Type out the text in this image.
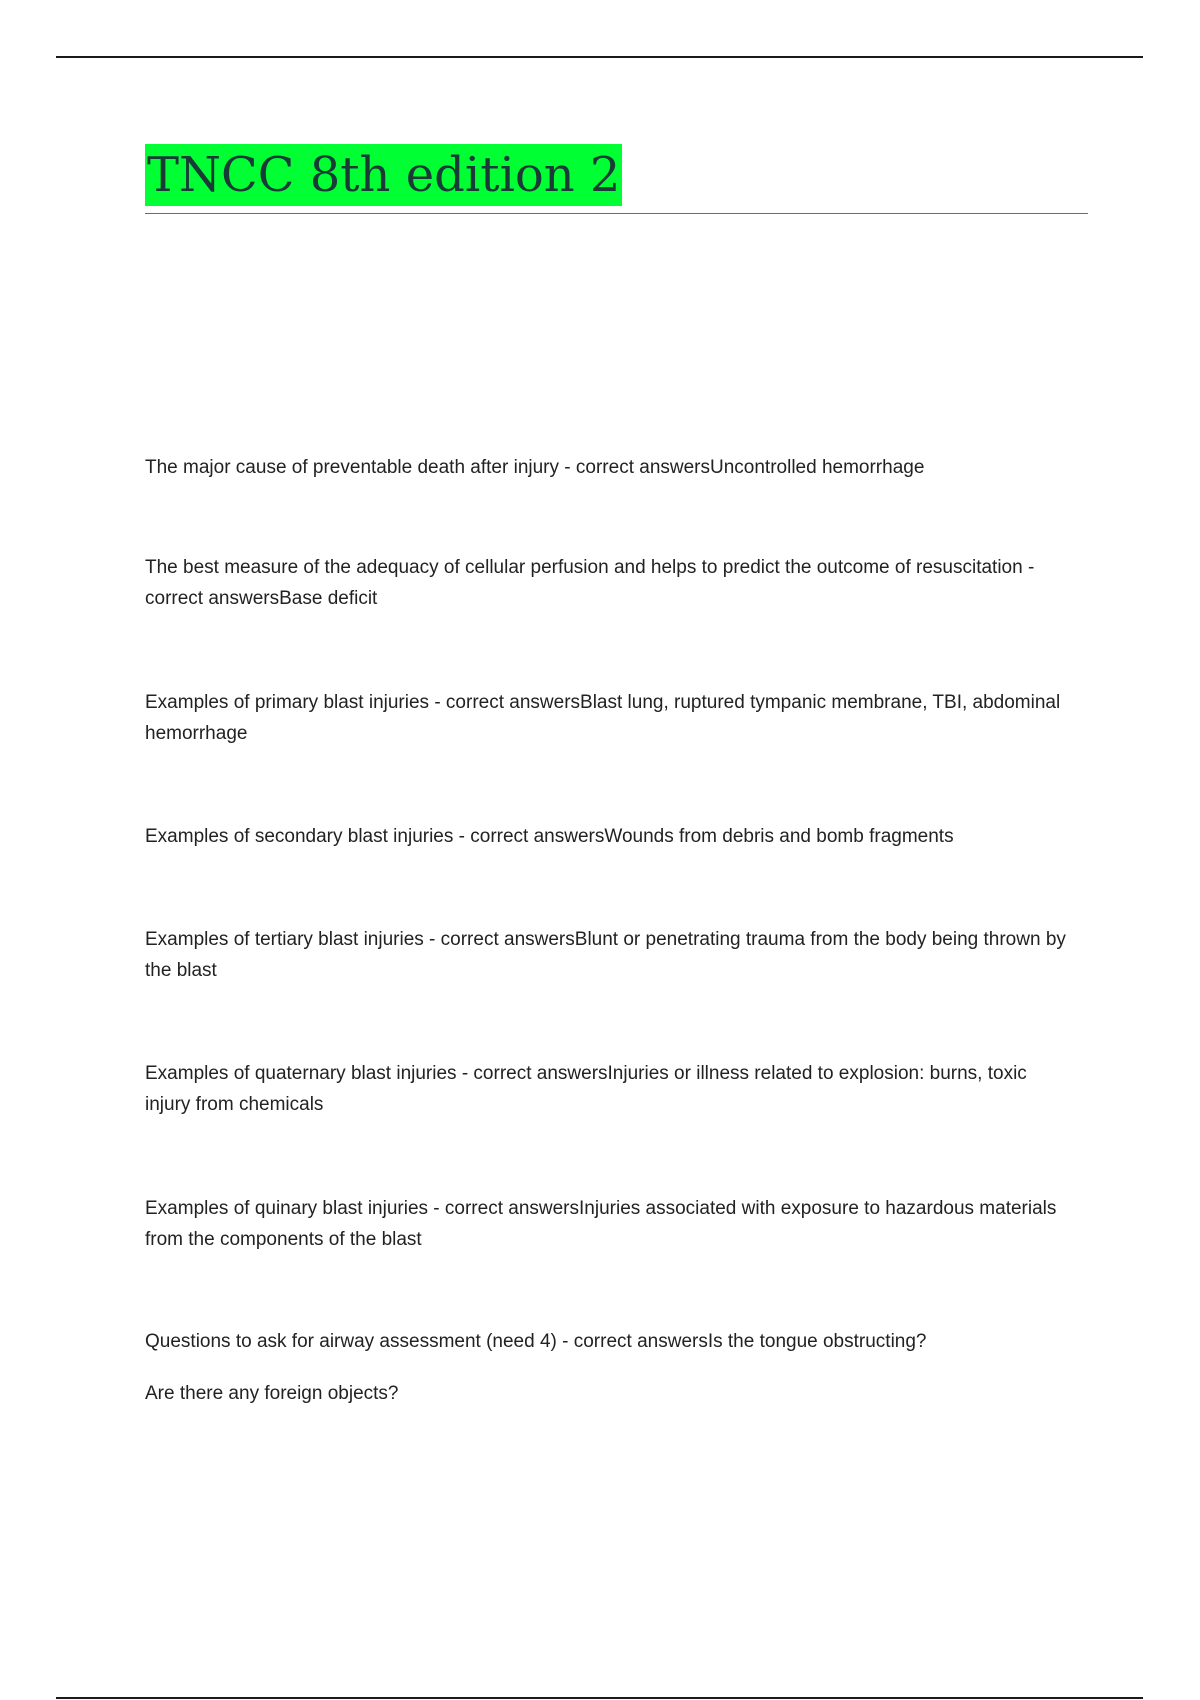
TNCC 8th edition 2

The major cause of preventable death after injury - correct answersUncontrolled hemorrhage

The best measure of the adequacy of cellular perfusion and helps to predict the outcome of resuscitation - correct answersBase deficit

Examples of primary blast injuries - correct answersBlast lung, ruptured tympanic membrane, TBI, abdominal hemorrhage

Examples of secondary blast injuries - correct answersWounds from debris and bomb fragments

Examples of tertiary blast injuries - correct answersBlunt or penetrating trauma from the body being thrown by the blast

Examples of quaternary blast injuries - correct answersInjuries or illness related to explosion: burns, toxic injury from chemicals

Examples of quinary blast injuries - correct answersInjuries associated with exposure to hazardous materials from the components of the blast

Questions to ask for airway assessment (need 4) - correct answersIs the tongue obstructing?

Are there any foreign objects?
